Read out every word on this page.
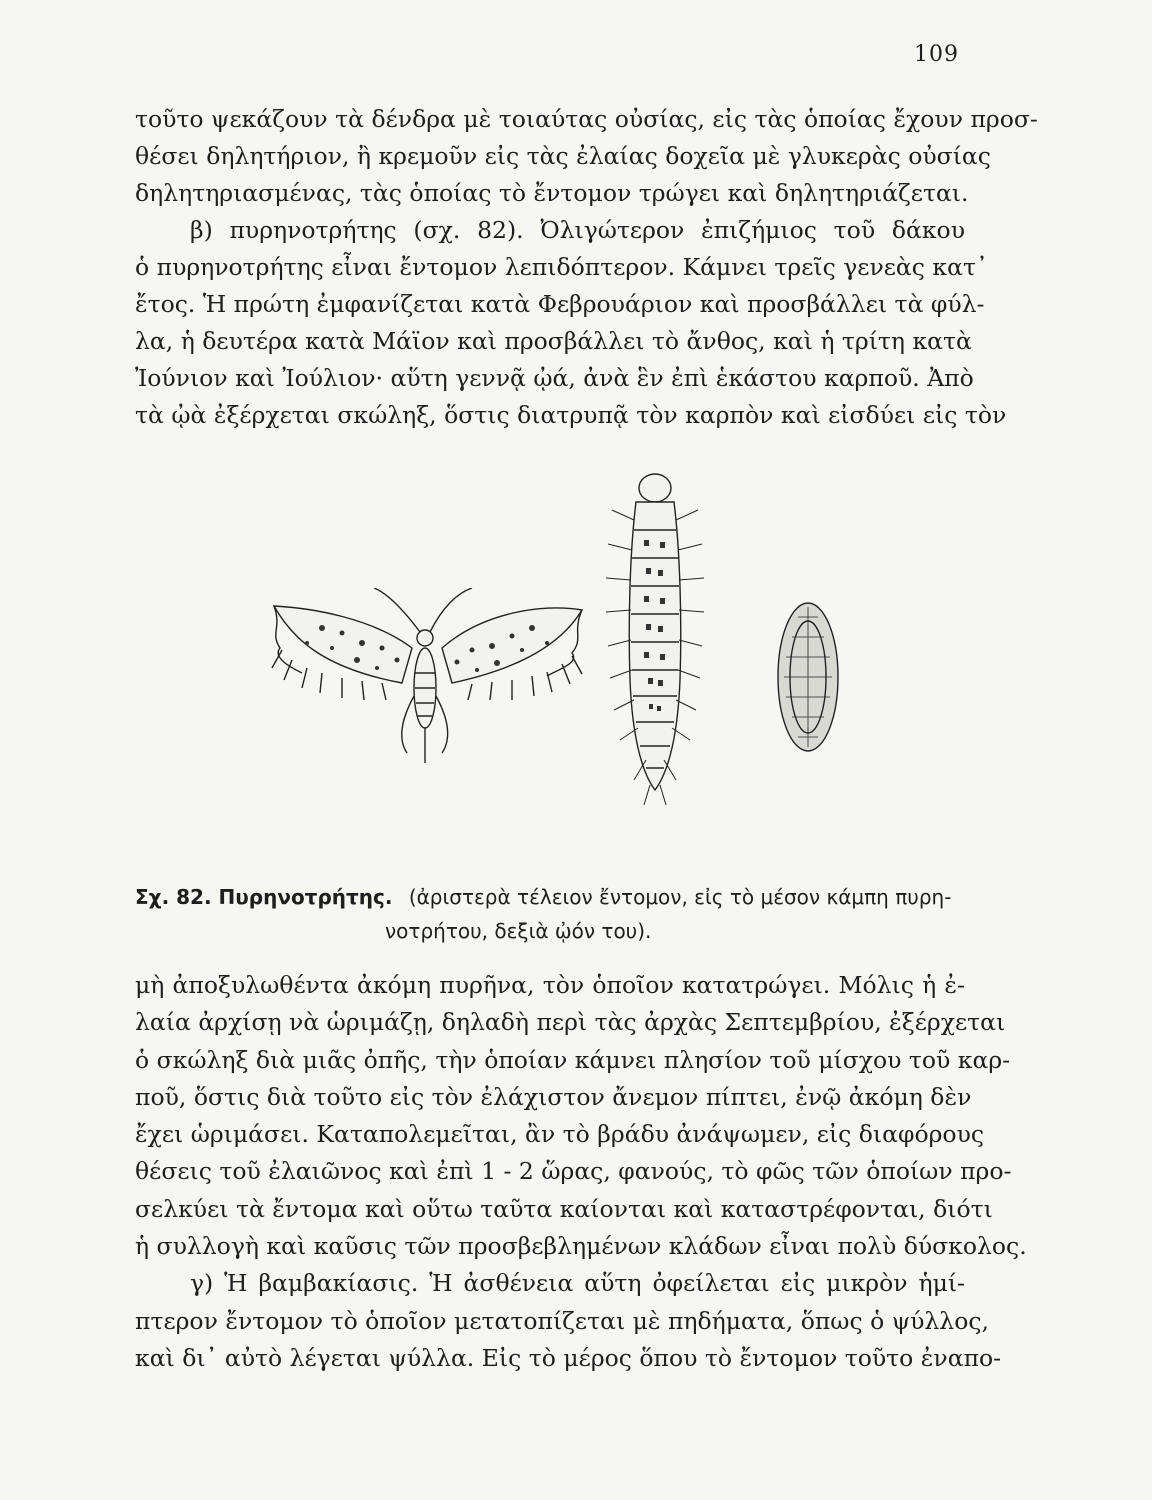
109
τοῦτο ψεκάζουν τὰ δένδρα μὲ τοιαύτας οὐσίας, εἰς τὰς ὁποίας ἔχουν προσ-
θέσει δηλητήριον, ἢ κρεμοῦν εἰς τὰς ἐλαίας δοχεῖα μὲ γλυκερὰς οὐσίας
δηλητηριασμένας, τὰς ὁποίας τὸ ἔντομον τρώγει καὶ δηλητηριάζεται.
β) πυρηνοτρήτης (σχ. 82). Ὀλιγώτερον ἐπιζήμιος τοῦ δάκου
ὁ πυρηνοτρήτης εἶναι ἔντομον λεπιδόπτερον. Κάμνει τρεῖς γενεὰς κατ᾽
ἔτος. Ἡ πρώτη ἐμφανίζεται κατὰ Φεβρουάριον καὶ προσβάλλει τὰ φύλ-
λα, ἡ δευτέρα κατὰ Μάϊον καὶ προσβάλλει τὸ ἄνθος, καὶ ἡ τρίτη κατὰ
Ἰούνιον καὶ Ἰούλιον· αὕτη γεννᾷ ᾠά, ἀνὰ ἓν ἐπὶ ἑκάστου καρποῦ. Ἀπὸ
τὰ ᾠὰ ἐξέρχεται σκώληξ, ὅστις διατρυπᾷ τὸν καρπὸν καὶ εἰσδύει εἰς τὸν
Σχ. 82. Πυρηνοτρήτης. (ἀριστερὰ τέλειον ἔντομον, εἰς τὸ μέσον κάμπη πυρη-
νοτρήτου, δεξιὰ ᾠόν του).
μὴ ἀποξυλωθέντα ἀκόμη πυρῆνα, τὸν ὁποῖον κατατρώγει. Μόλις ἡ ἐ-
λαία ἀρχίσῃ νὰ ὡριμάζῃ, δηλαδὴ περὶ τὰς ἀρχὰς Σεπτεμβρίου, ἐξέρχεται
ὁ σκώληξ διὰ μιᾶς ὀπῆς, τὴν ὁποίαν κάμνει πλησίον τοῦ μίσχου τοῦ καρ-
ποῦ, ὅστις διὰ τοῦτο εἰς τὸν ἐλάχιστον ἄνεμον πίπτει, ἐνῷ ἀκόμη δὲν
ἔχει ὡριμάσει. Καταπολεμεῖται, ἂν τὸ βράδυ ἀνάψωμεν, εἰς διαφόρους
θέσεις τοῦ ἐλαιῶνος καὶ ἐπὶ 1 - 2 ὥρας, φανούς, τὸ φῶς τῶν ὁποίων προ-
σελκύει τὰ ἔντομα καὶ οὕτω ταῦτα καίονται καὶ καταστρέφονται, διότι
ἡ συλλογὴ καὶ καῦσις τῶν προσβεβλημένων κλάδων εἶναι πολὺ δύσκολος.
γ) Ἡ βαμβακίασις. Ἡ ἀσθένεια αὕτη ὀφείλεται εἰς μικρὸν ἡμί-
πτερον ἔντομον τὸ ὁποῖον μετατοπίζεται μὲ πηδήματα, ὅπως ὁ ψύλλος,
καὶ δι᾽ αὐτὸ λέγεται ψύλλα. Εἰς τὸ μέρος ὅπου τὸ ἔντομον τοῦτο ἐναπο-
